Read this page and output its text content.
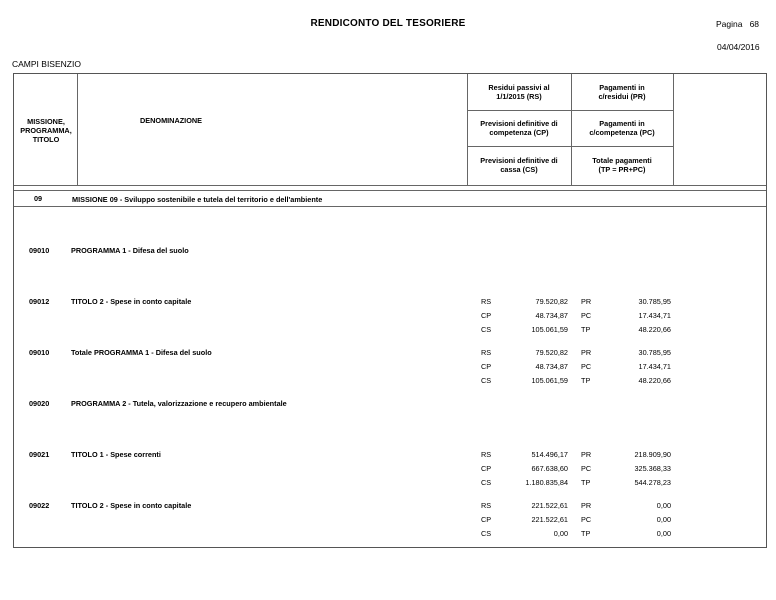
RENDICONTO DEL TESORIERE	Pagina 68
04/04/2016
CAMPI BISENZIO
MISSIONE,
PROGRAMMA,
TITOLO
DENOMINAZIONE
Residui passivi al
1/1/2015 (RS)
Previsioni definitive di
competenza (CP)
Previsioni definitive di
cassa (CS)
Pagamenti in
c/residui (PR)
Pagamenti in
c/competenza (PC)
Totale pagamenti
(TP = PR+PC)
09	MISSIONE 09 - Sviluppo sostenibile e tutela del territorio e dell'ambiente
09010	PROGRAMMA 1 - Difesa del suolo
09012	TITOLO 2 - Spese in conto capitale	RS	79.520,82 PR	30.785,95
CP	48.734,87 PC	17.434,71
CS	105.061,59 TP	48.220,66
09010	Totale PROGRAMMA 1 - Difesa del suolo	RS	79.520,82 PR	30.785,95
CP	48.734,87 PC	17.434,71
CS	105.061,59 TP	48.220,66
09020	PROGRAMMA 2 - Tutela, valorizzazione e recupero ambientale
09021	TITOLO 1 - Spese correnti	RS	514.496,17 PR	218.909,90
CP	667.638,60 PC	325.368,33
CS	1.180.835,84 TP	544.278,23
09022	TITOLO 2 - Spese in conto capitale	RS	221.522,61 PR	0,00
CP	221.522,61 PC	0,00
CS	0,00 TP	0,00
